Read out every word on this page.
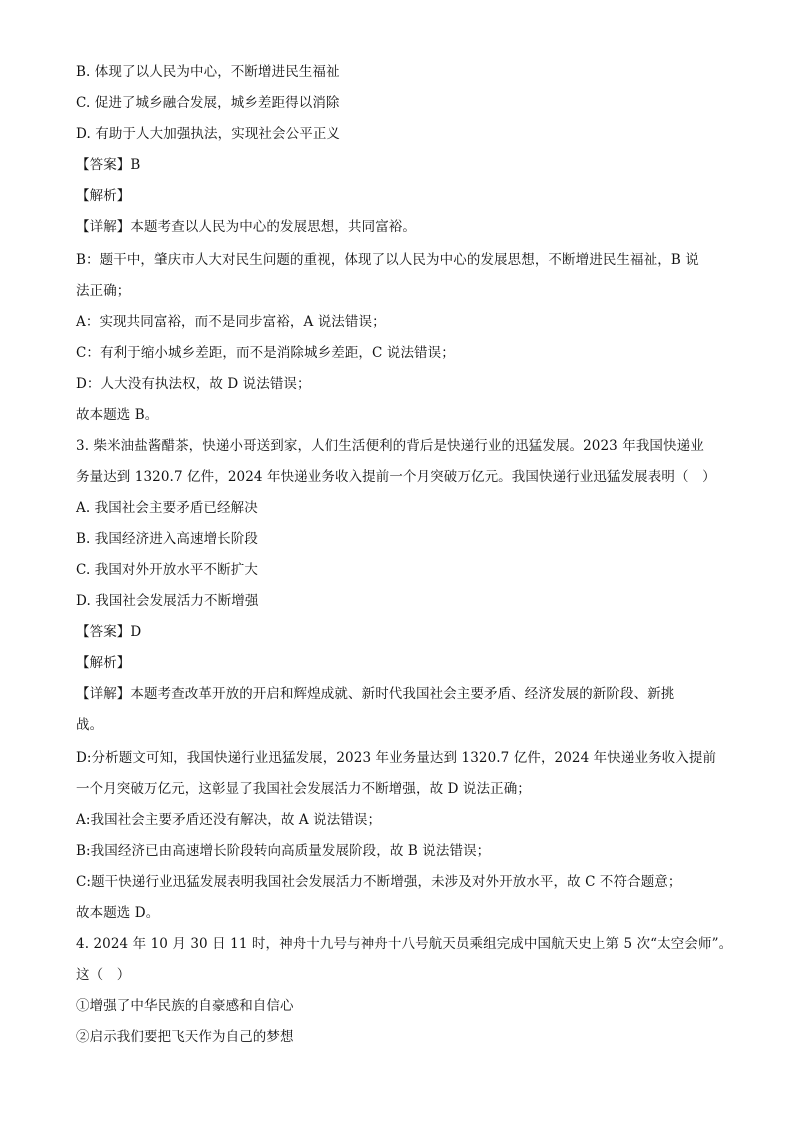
B. 体现了以人民为中心，不断增进民生福祉
C. 促进了城乡融合发展，城乡差距得以消除
D. 有助于人大加强执法，实现社会公平正义
【答案】B
【解析】
【详解】本题考查以人民为中心的发展思想，共同富裕。
B：题干中，肇庆市人大对民生问题的重视，体现了以人民为中心的发展思想，不断增进民生福祉，B 说
法正确；
A：实现共同富裕，而不是同步富裕，A 说法错误；
C：有利于缩小城乡差距，而不是消除城乡差距，C 说法错误；
D：人大没有执法权，故 D 说法错误；
故本题选 B。
3. 柴米油盐酱醋茶，快递小哥送到家，人们生活便利的背后是快递行业的迅猛发展。2023 年我国快递业
务量达到 1320.7 亿件，2024 年快递业务收入提前一个月突破万亿元。我国快递行业迅猛发展表明（　）
A. 我国社会主要矛盾已经解决
B. 我国经济进入高速增长阶段
C. 我国对外开放水平不断扩大
D. 我国社会发展活力不断增强
【答案】D
【解析】
【详解】本题考查改革开放的开启和辉煌成就、新时代我国社会主要矛盾、经济发展的新阶段、新挑
战。
D:分析题文可知，我国快递行业迅猛发展，2023 年业务量达到 1320.7 亿件，2024 年快递业务收入提前
一个月突破万亿元，这彰显了我国社会发展活力不断增强，故 D 说法正确；
A:我国社会主要矛盾还没有解决，故 A 说法错误；
B:我国经济已由高速增长阶段转向高质量发展阶段，故 B 说法错误；
C:题干快递行业迅猛发展表明我国社会发展活力不断增强，未涉及对外开放水平，故 C 不符合题意；
故本题选 D。
4. 2024 年 10 月 30 日 11 时，神舟十九号与神舟十八号航天员乘组完成中国航天史上第 5 次“太空会师”。
这（　）
①增强了中华民族的自豪感和自信心
②启示我们要把飞天作为自己的梦想
